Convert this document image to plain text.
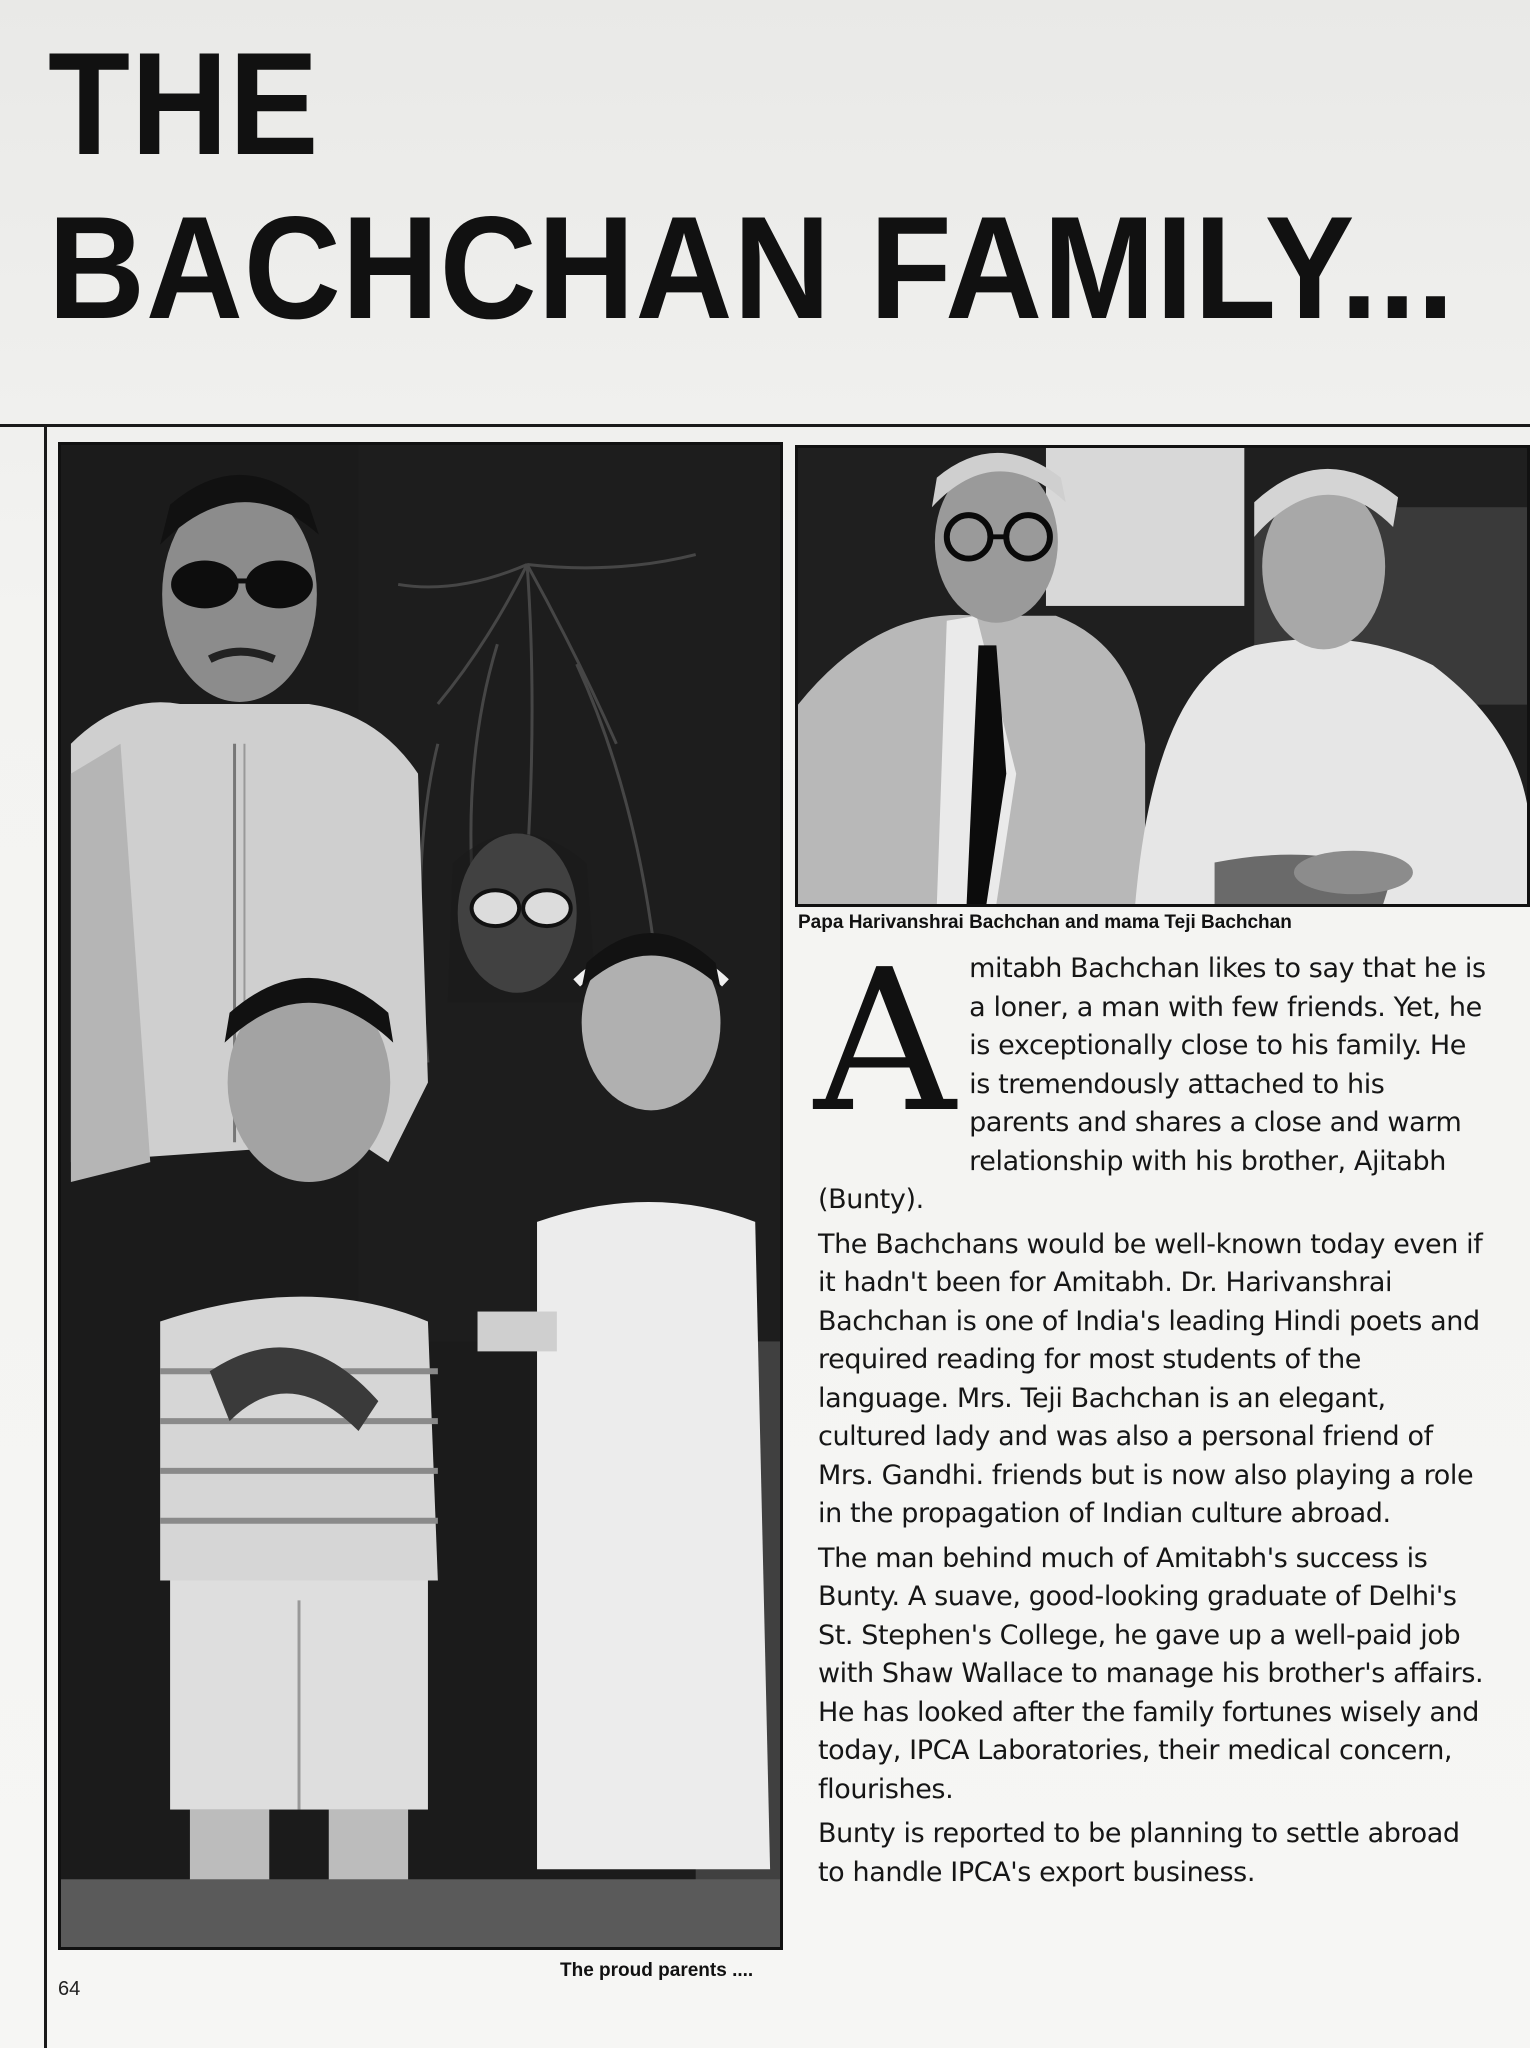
THE
BACHCHAN FAMILY...
Papa Harivanshrai Bachchan and mama Teji Bachchan
The proud parents ....
64

Amitabh Bachchan likes to say that he is a loner, a man with few friends. Yet, he is exceptionally close to his family. He is tremendously attached to his parents and shares a close and warm relationship with his brother, Ajitabh (Bunty).

The Bachchans would be well-known today even if it hadn't been for Amitabh. Dr. Harivanshrai Bachchan is one of India's leading Hindi poets and required reading for most students of the language. Mrs. Teji Bachchan is an elegant, cultured lady and was also a personal friend of Mrs. Gandhi. friends but is now also playing a role in the propagation of Indian culture abroad.

The man behind much of Amitabh's success is Bunty. A suave, good-looking graduate of Delhi's St. Stephen's College, he gave up a well-paid job with Shaw Wallace to manage his brother's affairs. He has looked after the family fortunes wisely and today, IPCA Laboratories, their medical concern, flourishes.

Bunty is reported to be planning to settle abroad to handle IPCA's export business.
